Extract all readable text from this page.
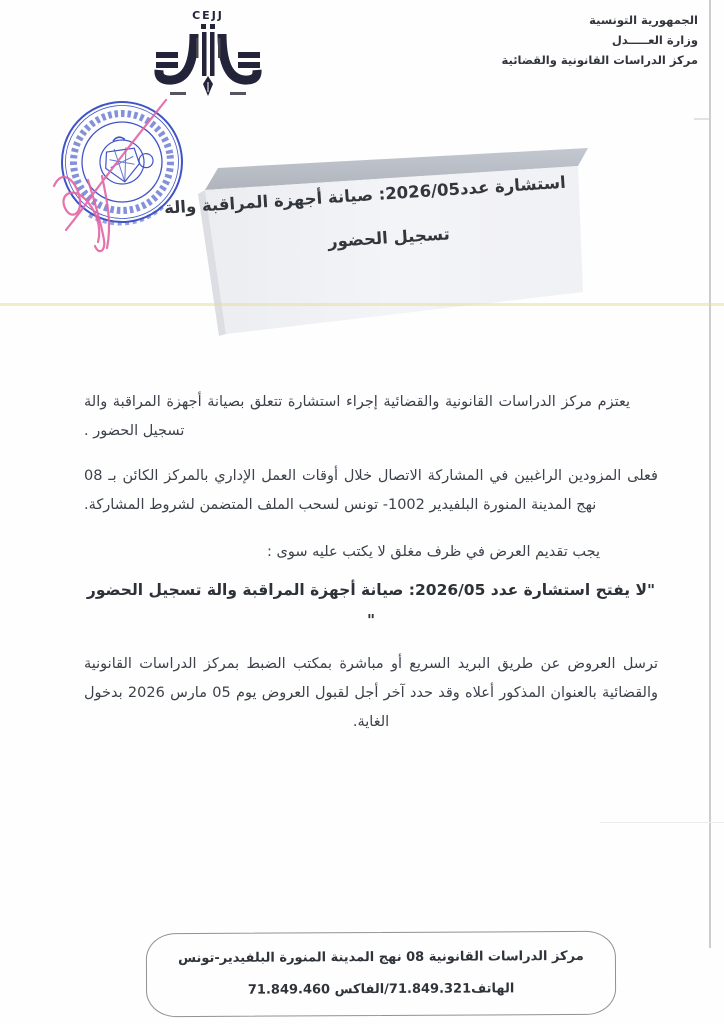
الجمهورية التونسية
وزارة العـــــدل
مركز الدراسات القانونية والقضائية
CEJJ
استشارة عدد2026/05: صيانة أجهزة المراقبة والة
تسجيل الحضور

يعتزم مركز الدراسات القانونية والقضائية إجراء استشارة تتعلق بصيانة أجهزة المراقبة والة تسجيل الحضور .

فعلى المزودين الراغبين في المشاركة الاتصال خلال أوقات العمل الإداري بالمركز الكائن بـ 08 نهج المدينة المنورة البلفيدير 1002- تونس لسحب الملف المتضمن لشروط المشاركة.

يجب تقديم العرض في ظرف مغلق لا يكتب عليه سوى :

"لا يفتح استشارة عدد 2026/05: صيانة أجهزة المراقبة والة تسجيل الحضور "

ترسل العروض عن طريق البريد السريع أو مباشرة بمكتب الضبط بمركز الدراسات القانونية والقضائية بالعنوان المذكور أعلاه وقد حدد آخر أجل لقبول العروض يوم 05 مارس 2026 بدخول الغاية.

مركز الدراسات القانونية 08 نهج المدينة المنورة البلفيدير-تونس
الهاتف71.849.321/الفاكس 71.849.460
